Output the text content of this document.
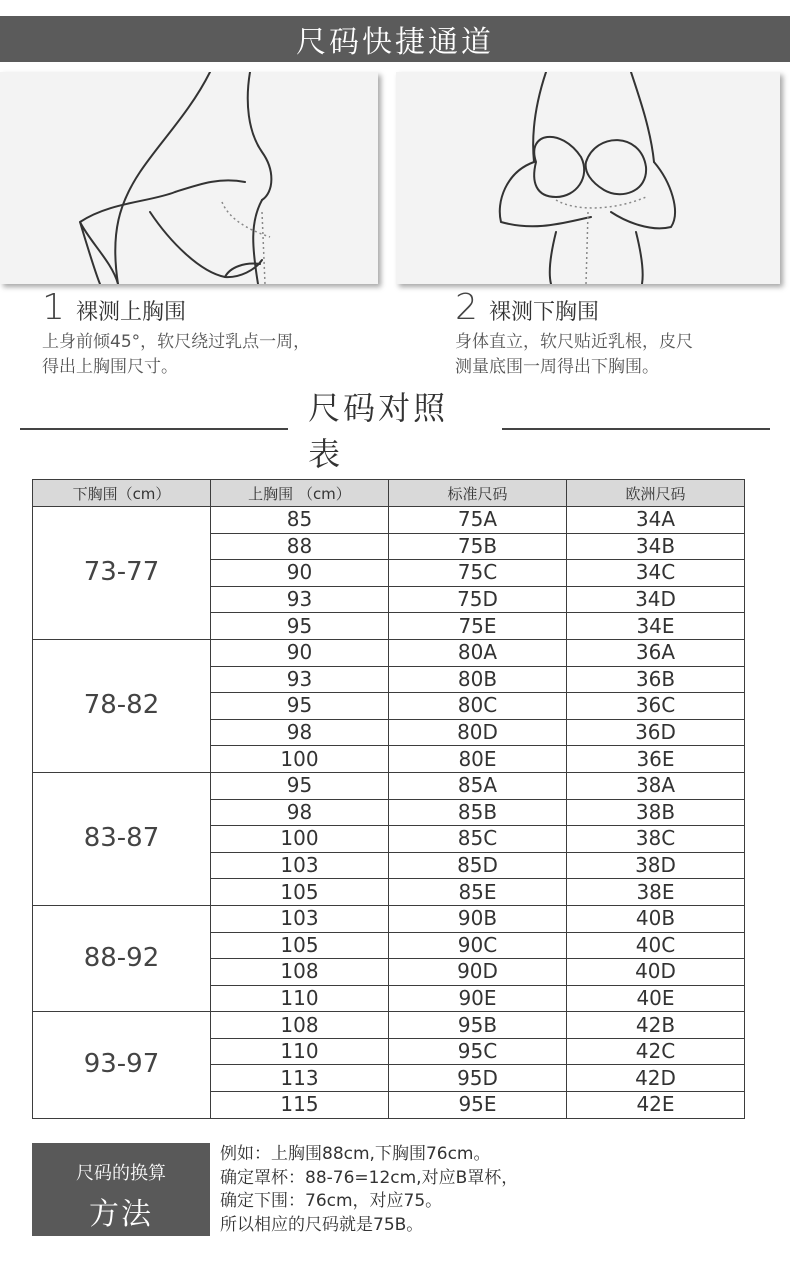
尺码快捷通道
1 裸测上胸围
上身前倾45°，软尺绕过乳点一周，
得出上胸围尺寸。
2 裸测下胸围
身体直立，软尺贴近乳根，皮尺
测量底围一周得出下胸围。
尺码对照表
下胸围（cm）	上胸围 （cm）	标准尺码	欧洲尺码
73-77	85	75A	34A
	88	75B	34B
	90	75C	34C
	93	75D	34D
	95	75E	34E
78-82	90	80A	36A
	93	80B	36B
	95	80C	36C
	98	80D	36D
	100	80E	36E
83-87	95	85A	38A
	98	85B	38B
	100	85C	38C
	103	85D	38D
	105	85E	38E
88-92	103	90B	40B
	105	90C	40C
	108	90D	40D
	110	90E	40E
93-97	108	95B	42B
	110	95C	42C
	113	95D	42D
	115	95E	42E
尺码的换算
方法
例如：上胸围88cm,下胸围76cm。
确定罩杯：88-76=12cm,对应B罩杯，
确定下围：76cm，对应75。
所以相应的尺码就是75B。
